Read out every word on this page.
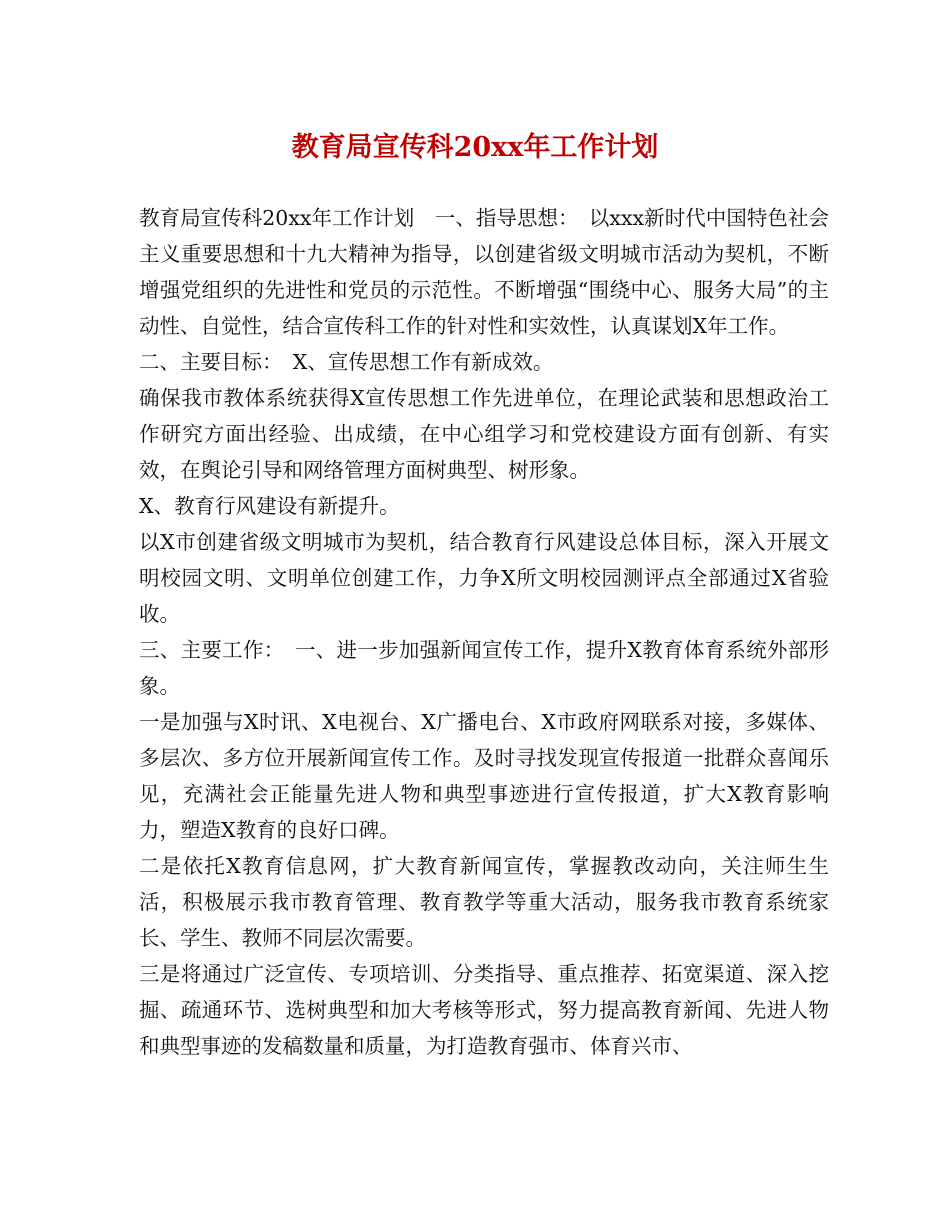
教育局宣传科20xx年工作计划

教育局宣传科20xx年工作计划　一、指导思想：　以xxx新时代中国特色社会主义重要思想和十九大精神为指导，以创建省级文明城市活动为契机，不断增强党组织的先进性和党员的示范性。不断增强“围绕中心、服务大局”的主动性、自觉性，结合宣传科工作的针对性和实效性，认真谋划X年工作。

二、主要目标：　X、宣传思想工作有新成效。

确保我市教体系统获得X宣传思想工作先进单位，在理论武装和思想政治工作研究方面出经验、出成绩，在中心组学习和党校建设方面有创新、有实效，在舆论引导和网络管理方面树典型、树形象。

X、教育行风建设有新提升。

以X市创建省级文明城市为契机，结合教育行风建设总体目标，深入开展文明校园文明、文明单位创建工作，力争X所文明校园测评点全部通过X省验收。

三、主要工作：　一、进一步加强新闻宣传工作，提升X教育体育系统外部形象。

一是加强与X时讯、X电视台、X广播电台、X市政府网联系对接，多媒体、多层次、多方位开展新闻宣传工作。及时寻找发现宣传报道一批群众喜闻乐见，充满社会正能量先进人物和典型事迹进行宣传报道，扩大X教育影响力，塑造X教育的良好口碑。

二是依托X教育信息网，扩大教育新闻宣传，掌握教改动向，关注师生生活，积极展示我市教育管理、教育教学等重大活动，服务我市教育系统家长、学生、教师不同层次需要。

三是将通过广泛宣传、专项培训、分类指导、重点推荐、拓宽渠道、深入挖掘、疏通环节、选树典型和加大考核等形式，努力提高教育新闻、先进人物和典型事迹的发稿数量和质量，为打造教育强市、体育兴市、
